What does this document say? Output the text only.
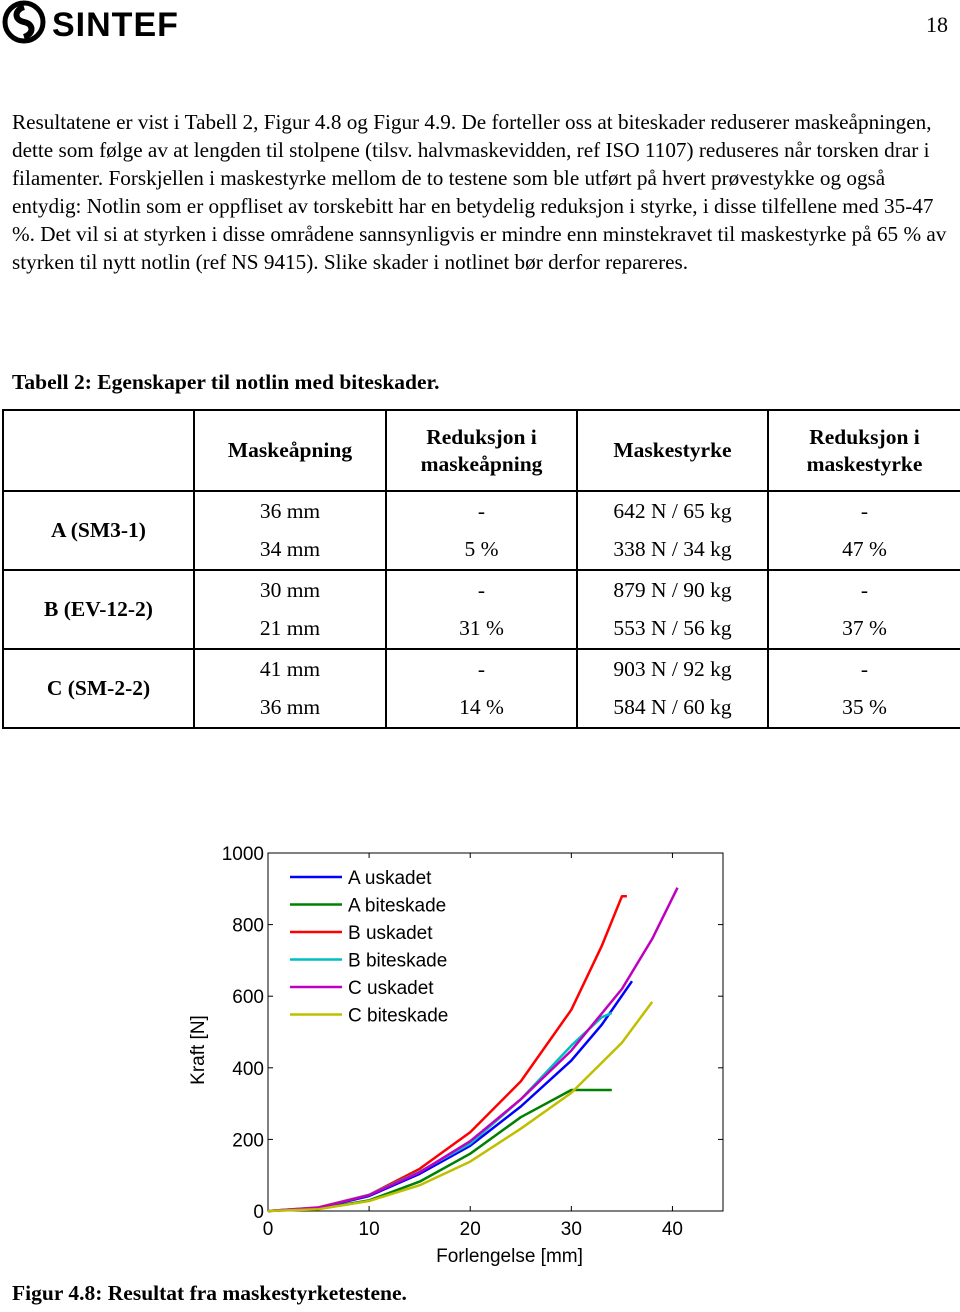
SINTEF	18

Resultatene er vist i Tabell 2, Figur 4.8 og Figur 4.9. De forteller oss at biteskader reduserer maskeåpningen, dette som følge av at lengden til stolpene (tilsv. halvmaskevidden, ref ISO 1107) reduseres når torsken drar i filamenter. Forskjellen i maskestyrke mellom de to testene som ble utført på hvert prøvestykke og også entydig: Notlin som er oppfliset av torskebitt har en betydelig reduksjon i styrke, i disse tilfellene med 35-47 %. Det vil si at styrken i disse områdene sannsynligvis er mindre enn minstekravet til maskestyrke på 65 % av styrken til nytt notlin (ref NS 9415). Slike skader i notlinet bør derfor repareres.

Tabell 2: Egenskaper til notlin med biteskader.

	Maskeåpning	Reduksjon i maskeåpning	Maskestyrke	Reduksjon i maskestyrke
A (SM3-1)	36 mm	-	642 N / 65 kg	-
	34 mm	5 %	338 N / 34 kg	47 %
B (EV-12-2)	30 mm	-	879 N / 90 kg	-
	21 mm	31 %	553 N / 56 kg	37 %
C (SM-2-2)	41 mm	-	903 N / 92 kg	-
	36 mm	14 %	584 N / 60 kg	35 %
0	10	20	30	40
0
200
400
600
800
1000
Forlengelse [mm]
Kraft [N]
A uskadet
A biteskade
B uskadet
B biteskade
C uskadet
C biteskade

Figur 4.8: Resultat fra maskestyrketestene.
